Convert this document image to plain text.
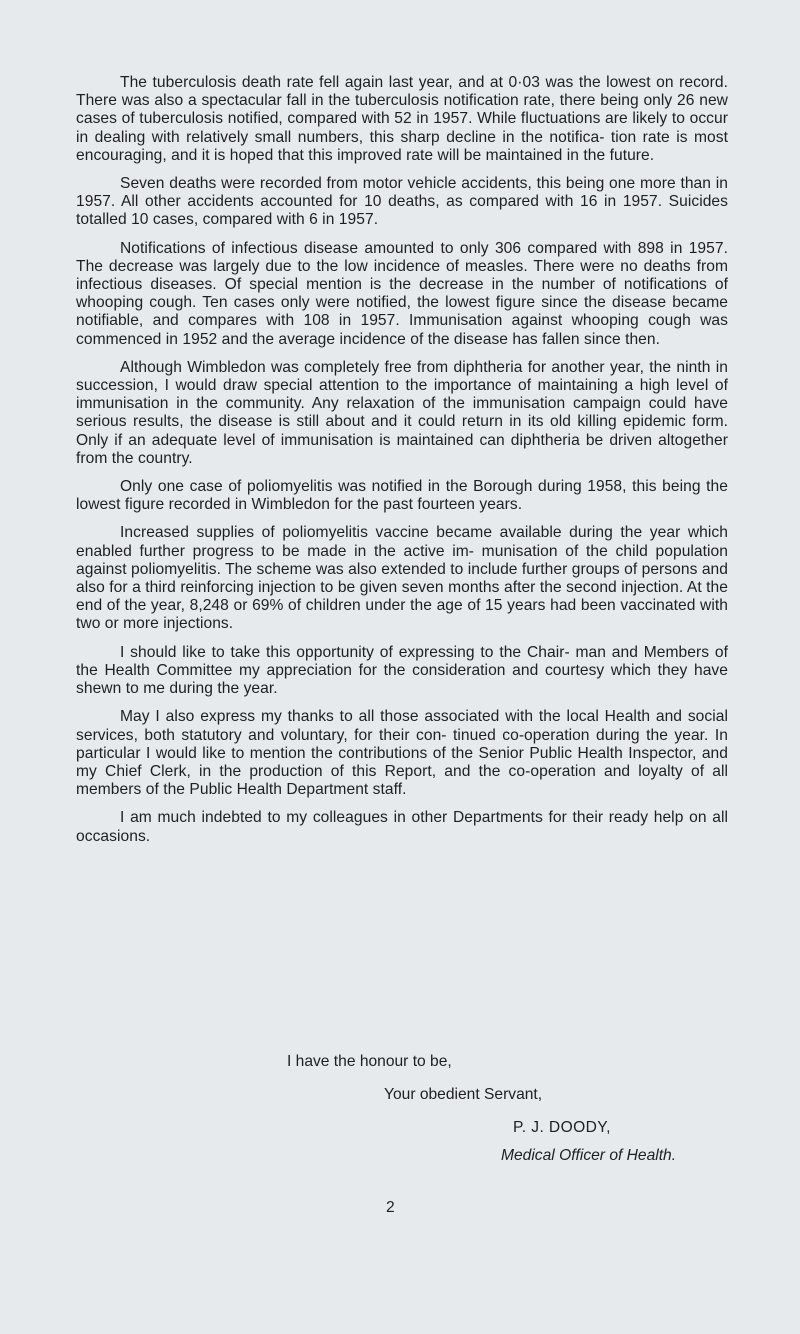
The tuberculosis death rate fell again last year, and at 0·03 was the lowest on record. There was also a spectacular fall in the tuberculosis notification rate, there being only 26 new cases of tuberculosis notified, compared with 52 in 1957. While fluctuations are likely to occur in dealing with relatively small numbers, this sharp decline in the notifica- tion rate is most encouraging, and it is hoped that this improved rate will be maintained in the future.

Seven deaths were recorded from motor vehicle accidents, this being one more than in 1957. All other accidents accounted for 10 deaths, as compared with 16 in 1957. Suicides totalled 10 cases, compared with 6 in 1957.

Notifications of infectious disease amounted to only 306 compared with 898 in 1957. The decrease was largely due to the low incidence of measles. There were no deaths from infectious diseases. Of special mention is the decrease in the number of notifications of whooping cough. Ten cases only were notified, the lowest figure since the disease became notifiable, and compares with 108 in 1957. Immunisation against whooping cough was commenced in 1952 and the average incidence of the disease has fallen since then.

Although Wimbledon was completely free from diphtheria for another year, the ninth in succession, I would draw special attention to the importance of maintaining a high level of immunisation in the community. Any relaxation of the immunisation campaign could have serious results, the disease is still about and it could return in its old killing epidemic form. Only if an adequate level of immunisation is maintained can diphtheria be driven altogether from the country.

Only one case of poliomyelitis was notified in the Borough during 1958, this being the lowest figure recorded in Wimbledon for the past fourteen years.

Increased supplies of poliomyelitis vaccine became available during the year which enabled further progress to be made in the active im- munisation of the child population against poliomyelitis. The scheme was also extended to include further groups of persons and also for a third reinforcing injection to be given seven months after the second injection. At the end of the year, 8,248 or 69% of children under the age of 15 years had been vaccinated with two or more injections.

I should like to take this opportunity of expressing to the Chair- man and Members of the Health Committee my appreciation for the consideration and courtesy which they have shewn to me during the year.

May I also express my thanks to all those associated with the local Health and social services, both statutory and voluntary, for their con- tinued co-operation during the year. In particular I would like to mention the contributions of the Senior Public Health Inspector, and my Chief Clerk, in the production of this Report, and the co-operation and loyalty of all members of the Public Health Department staff.

I am much indebted to my colleagues in other Departments for their ready help on all occasions.

I have the honour to be,
Your obedient Servant,
P. J. DOODY,
Medical Officer of Health.
2
